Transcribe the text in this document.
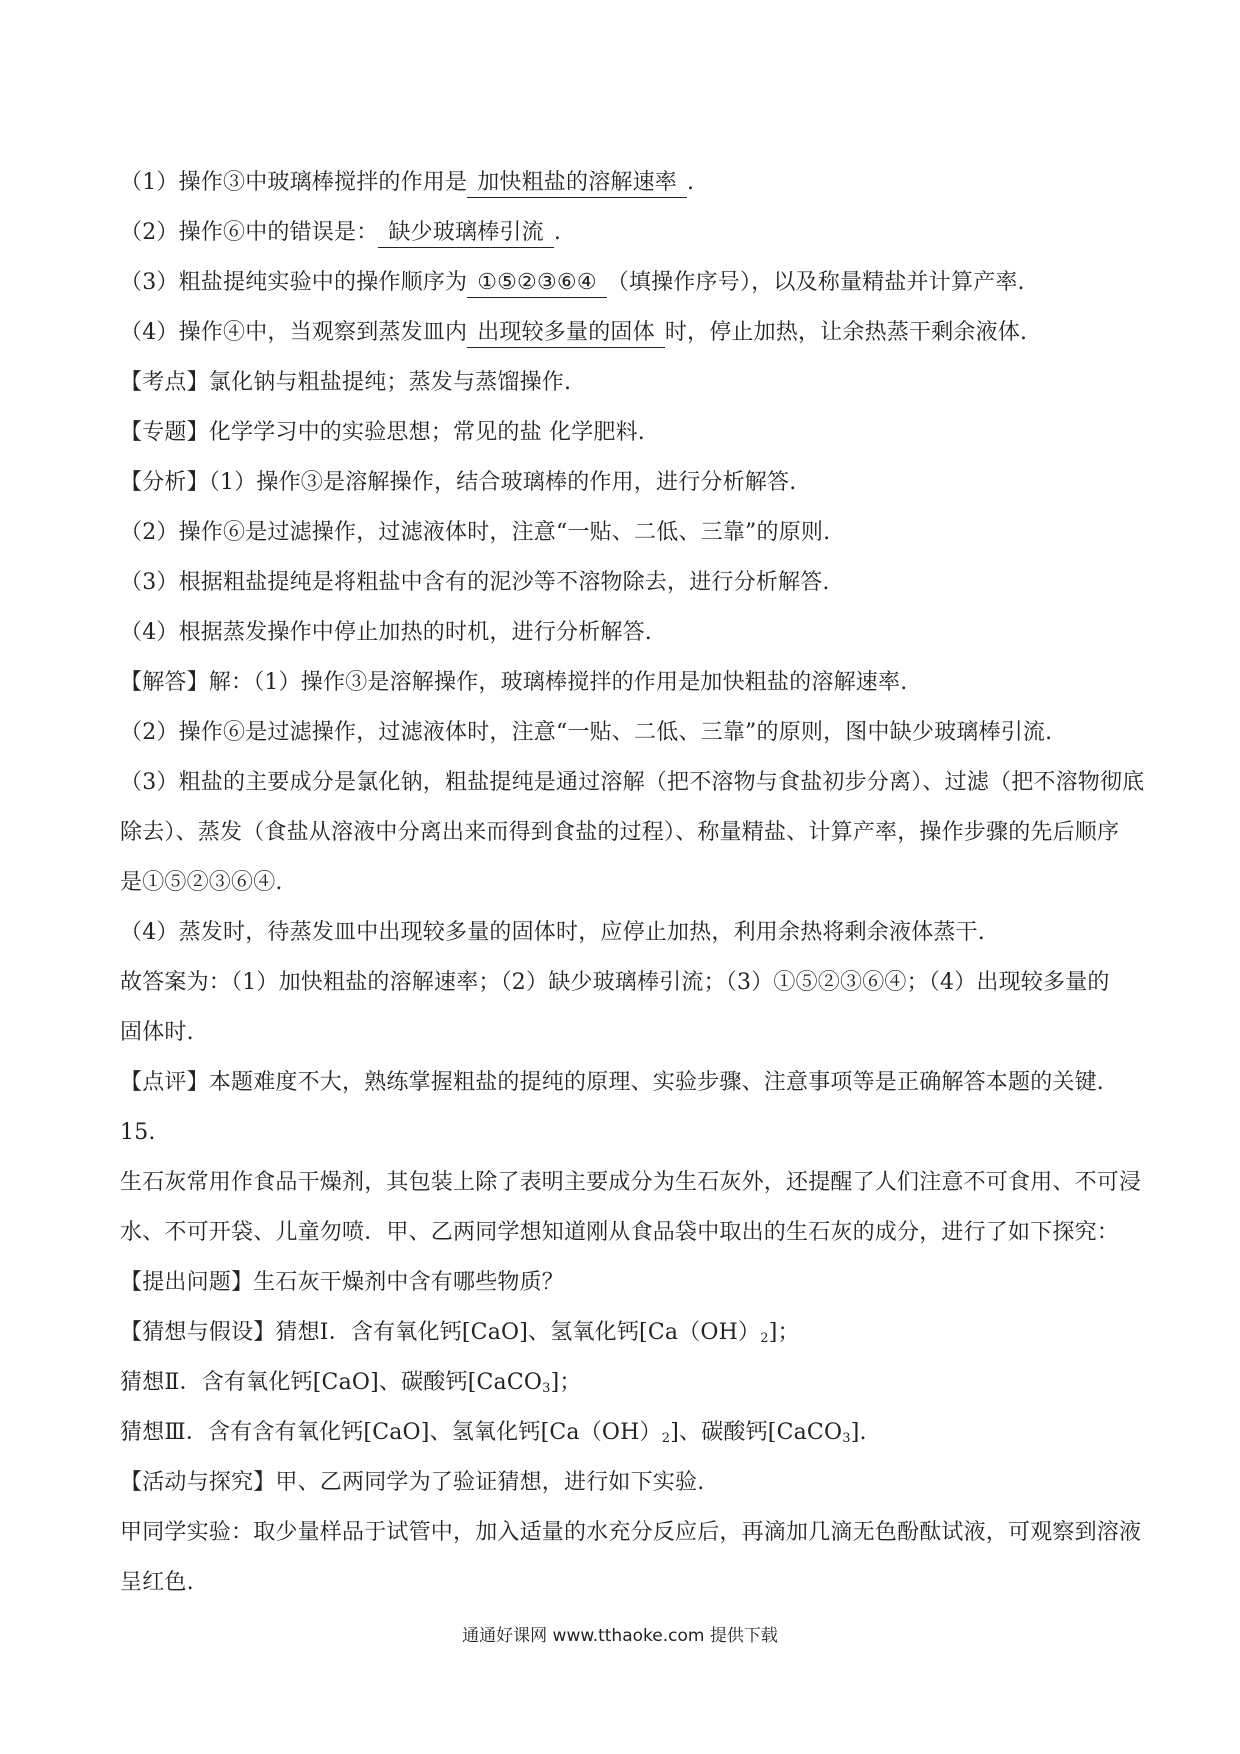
（1）操作③中玻璃棒搅拌的作用是 加快粗盐的溶解速率 .
（2）操作⑥中的错误是： 缺少玻璃棒引流 .
（3）粗盐提纯实验中的操作顺序为 ①⑤②③⑥④ （填操作序号），以及称量精盐并计算产率.
（4）操作④中，当观察到蒸发皿内 出现较多量的固体 时，停止加热，让余热蒸干剩余液体.
【考点】氯化钠与粗盐提纯；蒸发与蒸馏操作.
【专题】化学学习中的实验思想；常见的盐 化学肥料.
【分析】（1）操作③是溶解操作，结合玻璃棒的作用，进行分析解答.
（2）操作⑥是过滤操作，过滤液体时，注意“一贴、二低、三靠”的原则.
（3）根据粗盐提纯是将粗盐中含有的泥沙等不溶物除去，进行分析解答.
（4）根据蒸发操作中停止加热的时机，进行分析解答.
【解答】解：（1）操作③是溶解操作，玻璃棒搅拌的作用是加快粗盐的溶解速率.
（2）操作⑥是过滤操作，过滤液体时，注意“一贴、二低、三靠”的原则，图中缺少玻璃棒引流.
（3）粗盐的主要成分是氯化钠，粗盐提纯是通过溶解（把不溶物与食盐初步分离）、过滤（把不溶物彻底
除去）、蒸发（食盐从溶液中分离出来而得到食盐的过程）、称量精盐、计算产率，操作步骤的先后顺序
是①⑤②③⑥④.
（4）蒸发时，待蒸发皿中出现较多量的固体时，应停止加热，利用余热将剩余液体蒸干.
故答案为：（1）加快粗盐的溶解速率；（2）缺少玻璃棒引流；（3）①⑤②③⑥④；（4）出现较多量的
固体时.
【点评】本题难度不大，熟练掌握粗盐的提纯的原理、实验步骤、注意事项等是正确解答本题的关键.
15.
生石灰常用作食品干燥剂，其包装上除了表明主要成分为生石灰外，还提醒了人们注意不可食用、不可浸
水、不可开袋、儿童勿喷．甲、乙两同学想知道刚从食品袋中取出的生石灰的成分，进行了如下探究：
【提出问题】生石灰干燥剂中含有哪些物质？
【猜想与假设】猜想Ⅰ．含有氧化钙[CaO]、氢氧化钙$[Ca(OH)_2]$；
猜想Ⅱ．含有氧化钙[CaO]、碳酸钙[CaCO$_3$]；
猜想Ⅲ．含有含有氧化钙[CaO]、氢氧化钙$[Ca(OH)_2]$、碳酸钙[CaCO$_3$].
【活动与探究】甲、乙两同学为了验证猜想，进行如下实验.
甲同学实验：取少量样品于试管中，加入适量的水充分反应后，再滴加几滴无色酚酞试液，可观察到溶液
呈红色.
通通好课网 www.tthaoke.com 提供下载
